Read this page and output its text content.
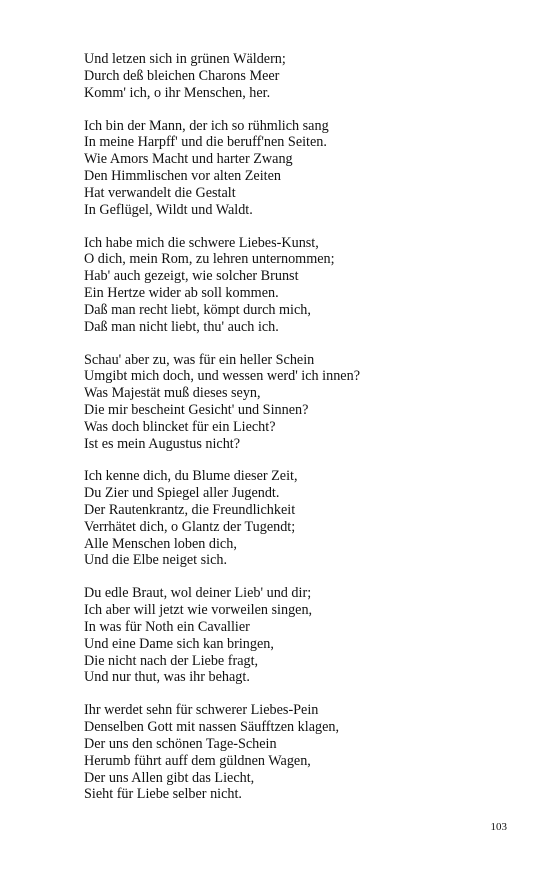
Und letzen sich in grünen Wäldern;
Durch deß bleichen Charons Meer
Komm' ich, o ihr Menschen, her.
Ich bin der Mann, der ich so rühmlich sang
In meine Harpff' und die beruff'nen Seiten.
Wie Amors Macht und harter Zwang
Den Himmlischen vor alten Zeiten
Hat verwandelt die Gestalt
In Geflügel, Wildt und Waldt.
Ich habe mich die schwere Liebes-Kunst,
O dich, mein Rom, zu lehren unternommen;
Hab' auch gezeigt, wie solcher Brunst
Ein Hertze wider ab soll kommen.
Daß man recht liebt, kömpt durch mich,
Daß man nicht liebt, thu' auch ich.
Schau' aber zu, was für ein heller Schein
Umgibt mich doch, und wessen werd' ich innen?
Was Majestät muß dieses seyn,
Die mir bescheint Gesicht' und Sinnen?
Was doch blincket für ein Liecht?
Ist es mein Augustus nicht?
Ich kenne dich, du Blume dieser Zeit,
Du Zier und Spiegel aller Jugendt.
Der Rautenkrantz, die Freundlichkeit
Verrhätet dich, o Glantz der Tugendt;
Alle Menschen loben dich,
Und die Elbe neiget sich.
Du edle Braut, wol deiner Lieb' und dir;
Ich aber will jetzt wie vorweilen singen,
In was für Noth ein Cavallier
Und eine Dame sich kan bringen,
Die nicht nach der Liebe fragt,
Und nur thut, was ihr behagt.
Ihr werdet sehn für schwerer Liebes-Pein
Denselben Gott mit nassen Säufftzen klagen,
Der uns den schönen Tage-Schein
Herumb führt auff dem güldnen Wagen,
Der uns Allen gibt das Liecht,
Sieht für Liebe selber nicht.
103
